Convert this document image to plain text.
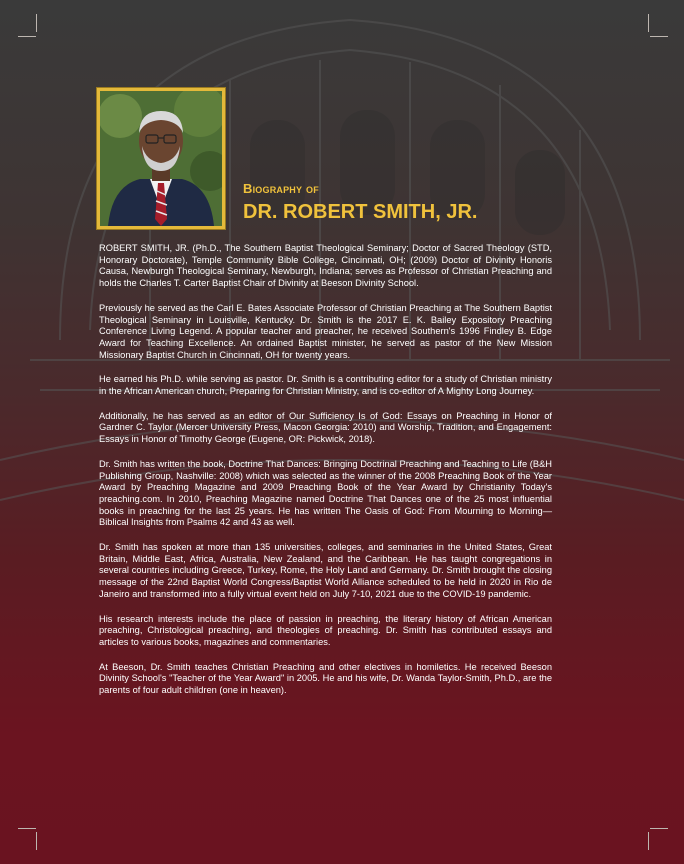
Biography of

DR. ROBERT SMITH, JR.

ROBERT SMITH, JR. (Ph.D., The Southern Baptist Theological Seminary; Doctor of Sacred Theology (STD, Honorary Doctorate), Temple Community Bible College, Cincinnati, OH; (2009) Doctor of Divinity Honoris Causa, Newburgh Theological Seminary, Newburgh, Indiana; serves as Professor of Christian Preaching and holds the Charles T. Carter Baptist Chair of Divinity at Beeson Divinity School.

Previously he served as the Carl E. Bates Associate Professor of Christian Preaching at The Southern Baptist Theological Seminary in Louisville, Kentucky. Dr. Smith is the 2017 E. K. Bailey Expository Preaching Conference Living Legend. A popular teacher and preacher, he received Southern's 1996 Findley B. Edge Award for Teaching Excellence. An ordained Baptist minister, he served as pastor of the New Mission Missionary Baptist Church in Cincinnati, OH for twenty years.

He earned his Ph.D. while serving as pastor. Dr. Smith is a contributing editor for a study of Christian ministry in the African American church, Preparing for Christian Ministry, and is co-editor of A Mighty Long Journey.

Additionally, he has served as an editor of Our Sufficiency Is of God: Essays on Preaching in Honor of Gardner C. Taylor (Mercer University Press, Macon Georgia: 2010) and Worship, Tradition, and Engagement: Essays in Honor of Timothy George (Eugene, OR: Pickwick, 2018).

Dr. Smith has written the book, Doctrine That Dances: Bringing Doctrinal Preaching and Teaching to Life (B&H Publishing Group, Nashville: 2008) which was selected as the winner of the 2008 Preaching Book of the Year Award by Preaching Magazine and 2009 Preaching Book of the Year Award by Christianity Today's preaching.com. In 2010, Preaching Magazine named Doctrine That Dances one of the 25 most influential books in preaching for the last 25 years. He has written The Oasis of God: From Mourning to Morning—Biblical Insights from Psalms 42 and 43 as well.

Dr. Smith has spoken at more than 135 universities, colleges, and seminaries in the United States, Great Britain, Middle East, Africa, Australia, New Zealand, and the Caribbean. He has taught congregations in several countries including Greece, Turkey, Rome, the Holy Land and Germany. Dr. Smith brought the closing message of the 22nd Baptist World Congress/Baptist World Alliance scheduled to be held in 2020 in Rio de Janeiro and transformed into a fully virtual event held on July 7-10, 2021 due to the COVID-19 pandemic.

His research interests include the place of passion in preaching, the literary history of African American preaching, Christological preaching, and theologies of preaching. Dr. Smith has contributed essays and articles to various books, magazines and commentaries.

At Beeson, Dr. Smith teaches Christian Preaching and other electives in homiletics. He received Beeson Divinity School's "Teacher of the Year Award" in 2005. He and his wife, Dr. Wanda Taylor-Smith, Ph.D., are the parents of four adult children (one in heaven).
